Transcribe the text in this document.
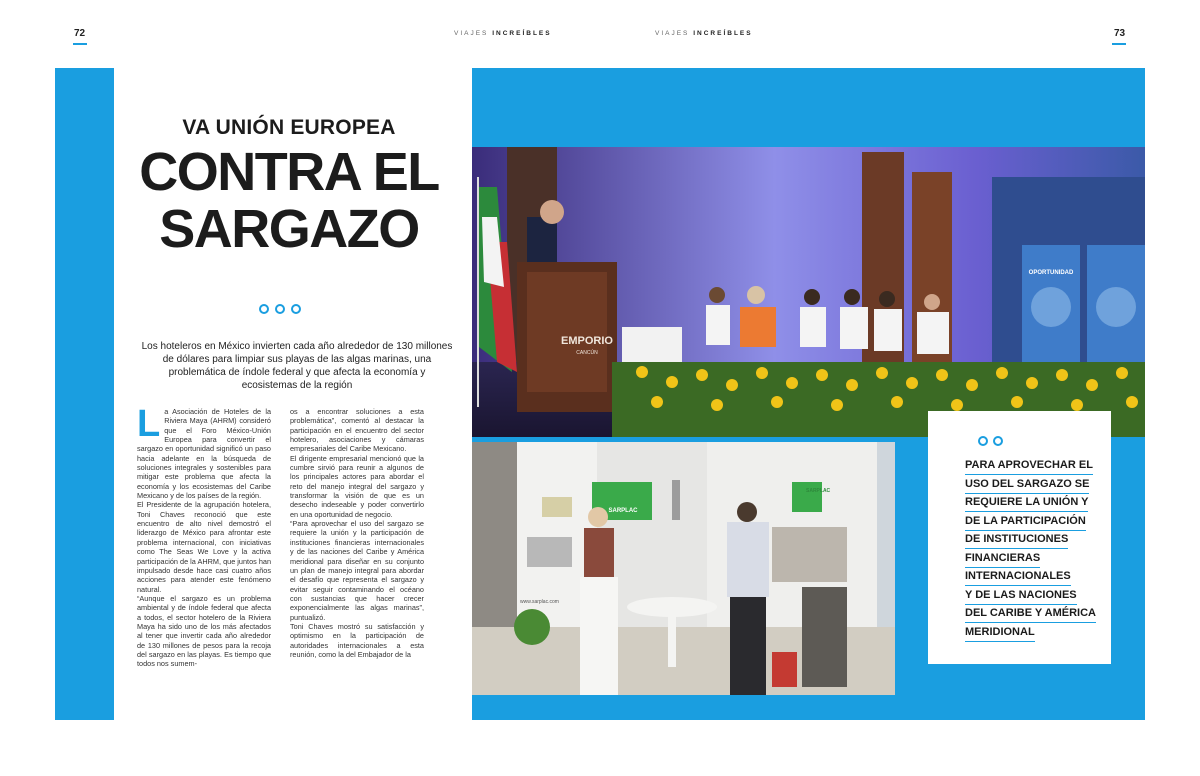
72	VIAJES INCREÍBLES	VIAJES INCREÍBLES	73
VA UNIÓN EUROPEA
CONTRA EL
SARGAZO
Los hoteleros en México invierten cada año alrededor de 130 millones de dólares para limpiar sus playas de las algas marinas, una problemática de índole federal y que afecta la economía y ecosistemas de la región
L a Asociación de Hoteles de la Riviera Maya (AHRM) consideró que el Foro México-Unión Europea para convertir el sargazo en oportunidad significó un paso hacia adelante en la búsqueda de soluciones integrales y sostenibles para mitigar este problema que afecta la economía y los ecosistemas del Caribe Mexicano y de los países de la región.

El Presidente de la agrupación hotelera, Toni Chaves reconoció que este encuentro de alto nivel demostró el liderazgo de México para afrontar este problema internacional, con iniciativas como The Seas We Love y la activa participación de la AHRM, que juntos han impulsado desde hace casi cuatro años acciones para atender este fenómeno natural.

“Aunque el sargazo es un problema ambiental y de índole federal que afecta a todos, el sector hotelero de la Riviera Maya ha sido uno de los más afectados al tener que invertir cada año alrededor de 130 millones de pesos para la recoja del sargazo en las playas. Es tiempo que todos nos sumem-

os a encontrar soluciones a esta problemática”, comentó al destacar la participación en el encuentro del sector hotelero, asociaciones y cámaras empresariales del Caribe Mexicano.

El dirigente empresarial mencionó que la cumbre sirvió para reunir a algunos de los principales actores para abordar el reto del manejo integral del sargazo y transformar la visión de que es un desecho indeseable y poder convertirlo en una oportunidad de negocio.

“Para aprovechar el uso del sargazo se requiere la unión y la participación de instituciones financieras internacionales y de las naciones del Caribe y América meridional para diseñar en su conjunto un plan de manejo integral para abordar el desafío que representa el sargazo y evitar seguir contaminando el océano con sustancias que hacer crecer exponencialmente las algas marinas”, puntualizó.

Toni Chaves mostró su satisfacción y optimismo en la participación de autoridades internacionales a esta reunión, como la del Embajador de la

EMPORIO
CANCÚN
OPORTUNIDAD
SARPLAC
SARPLAC
www.sarplac.com
PARA APROVECHAR EL
USO DEL SARGAZO SE
REQUIERE LA UNIÓN Y
DE LA PARTICIPACIÓN
DE INSTITUCIONES
FINANCIERAS
INTERNACIONALES
Y DE LAS NACIONES
DEL CARIBE Y AMÉRICA
MERIDIONAL
